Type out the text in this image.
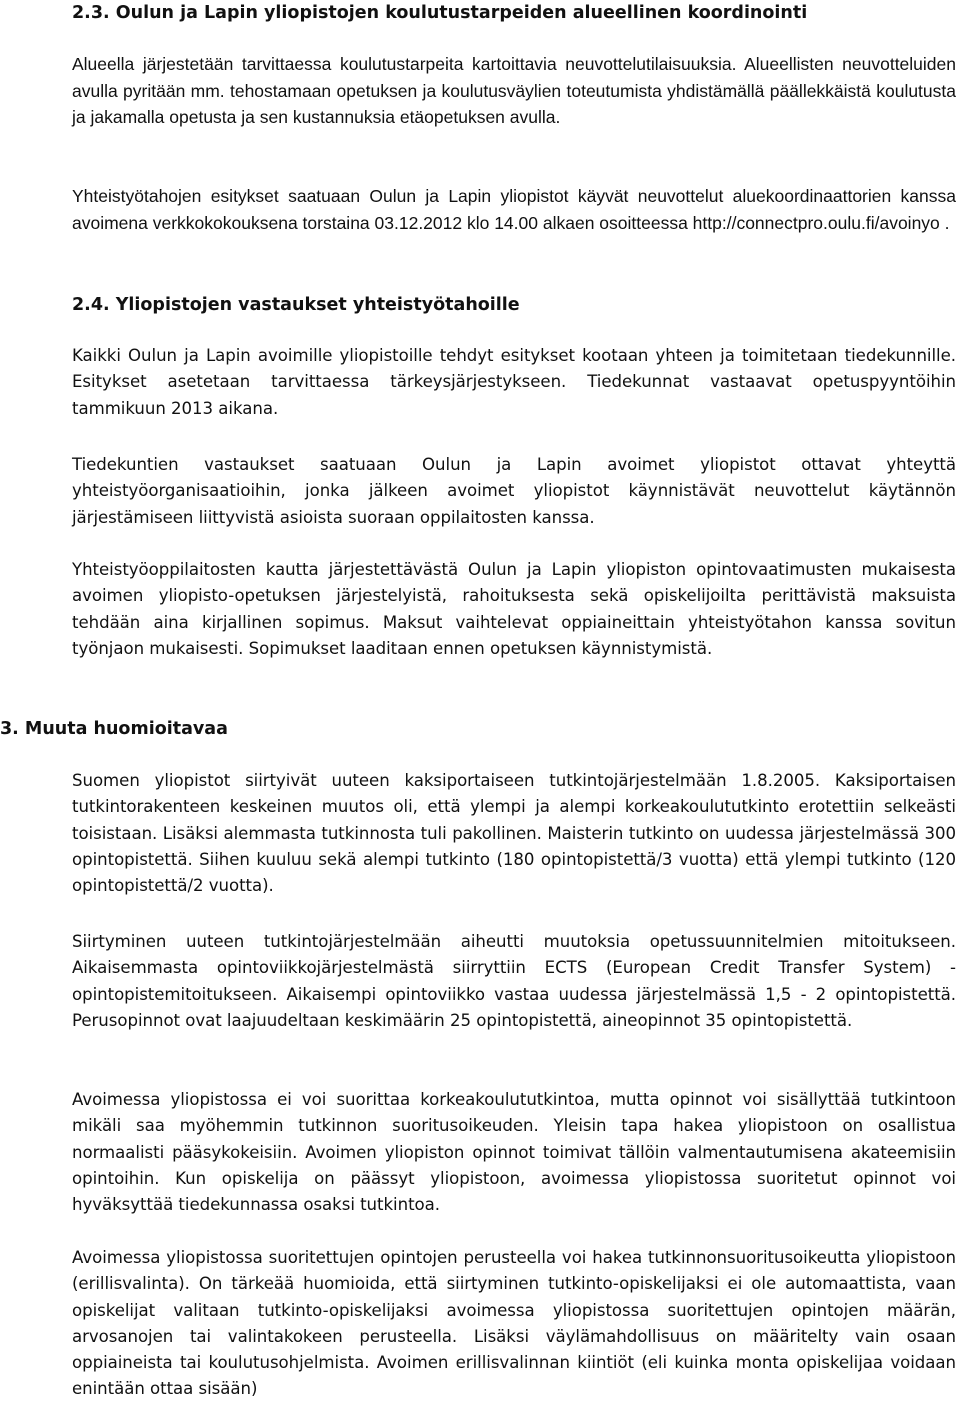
2.3. Oulun ja Lapin yliopistojen koulutustarpeiden alueellinen koordinointi

Alueella järjestetään tarvittaessa koulutustarpeita kartoittavia neuvottelutilaisuuksia. Alueellisten neuvotteluiden avulla pyritään mm. tehostamaan opetuksen ja koulutusväylien toteutumista yhdistämällä päällekkäistä koulutusta ja jakamalla opetusta ja sen kustannuksia etäopetuksen avulla.

Yhteistyötahojen esitykset saatuaan Oulun ja Lapin yliopistot käyvät neuvottelut aluekoordinaattorien kanssa avoimena verkkokokouksena torstaina 03.12.2012 klo 14.00 alkaen osoitteessa http://connectpro.oulu.fi/avoinyo .

2.4. Yliopistojen vastaukset yhteistyötahoille

Kaikki Oulun ja Lapin avoimille yliopistoille tehdyt esitykset kootaan yhteen ja toimitetaan tiedekunnille. Esitykset asetetaan tarvittaessa tärkeysjärjestykseen. Tiedekunnat vastaavat opetuspyyntöihin tammikuun 2013 aikana.

Tiedekuntien vastaukset saatuaan Oulun ja Lapin avoimet yliopistot ottavat yhteyttä yhteistyöorganisaatioihin, jonka jälkeen avoimet yliopistot käynnistävät neuvottelut käytännön järjestämiseen liittyvistä asioista suoraan oppilaitosten kanssa.

Yhteistyöoppilaitosten kautta järjestettävästä Oulun ja Lapin yliopiston opintovaatimusten mukaisesta avoimen yliopisto-opetuksen järjestelyistä, rahoituksesta sekä opiskelijoilta perittävistä maksuista tehdään aina kirjallinen sopimus. Maksut vaihtelevat oppiaineittain yhteistyötahon kanssa sovitun työnjaon mukaisesti. Sopimukset laaditaan ennen opetuksen käynnistymistä.

3. Muuta huomioitavaa

Suomen yliopistot siirtyivät uuteen kaksiportaiseen tutkintojärjestelmään 1.8.2005. Kaksiportaisen tutkintorakenteen keskeinen muutos oli, että ylempi ja alempi korkeakoulututkinto erotettiin selkeästi toisistaan. Lisäksi alemmasta tutkinnosta tuli pakollinen. Maisterin tutkinto on uudessa järjestelmässä 300 opintopistettä. Siihen kuuluu sekä alempi tutkinto (180 opintopistettä/3 vuotta) että ylempi tutkinto (120 opintopistettä/2 vuotta).

Siirtyminen uuteen tutkintojärjestelmään aiheutti muutoksia opetussuunnitelmien mitoitukseen. Aikaisemmasta opintoviikkojärjestelmästä siirryttiin ECTS (European Credit Transfer System) -opintopistemitoitukseen. Aikaisempi opintoviikko vastaa uudessa järjestelmässä 1,5 - 2 opintopistettä. Perusopinnot ovat laajuudeltaan keskimäärin 25 opintopistettä, aineopinnot 35 opintopistettä.

Avoimessa yliopistossa ei voi suorittaa korkeakoulututkintoa, mutta opinnot voi sisällyttää tutkintoon mikäli saa myöhemmin tutkinnon suoritusoikeuden. Yleisin tapa hakea yliopistoon on osallistua normaalisti pääsykokeisiin. Avoimen yliopiston opinnot toimivat tällöin valmentautumisena akateemisiin opintoihin. Kun opiskelija on päässyt yliopistoon, avoimessa yliopistossa suoritetut opinnot voi hyväksyttää tiedekunnassa osaksi tutkintoa.

Avoimessa yliopistossa suoritettujen opintojen perusteella voi hakea tutkinnonsuoritusoikeutta yliopistoon (erillisvalinta). On tärkeää huomioida, että siirtyminen tutkinto-opiskelijaksi ei ole automaattista, vaan opiskelijat valitaan tutkinto-opiskelijaksi avoimessa yliopistossa suoritettujen opintojen määrän, arvosanojen tai valintakokeen perusteella. Lisäksi väylämahdollisuus on määritelty vain osaan oppiaineista tai koulutusohjelmista. Avoimen erillisvalinnan kiintiöt (eli kuinka monta opiskelijaa voidaan enintään ottaa sisään)
